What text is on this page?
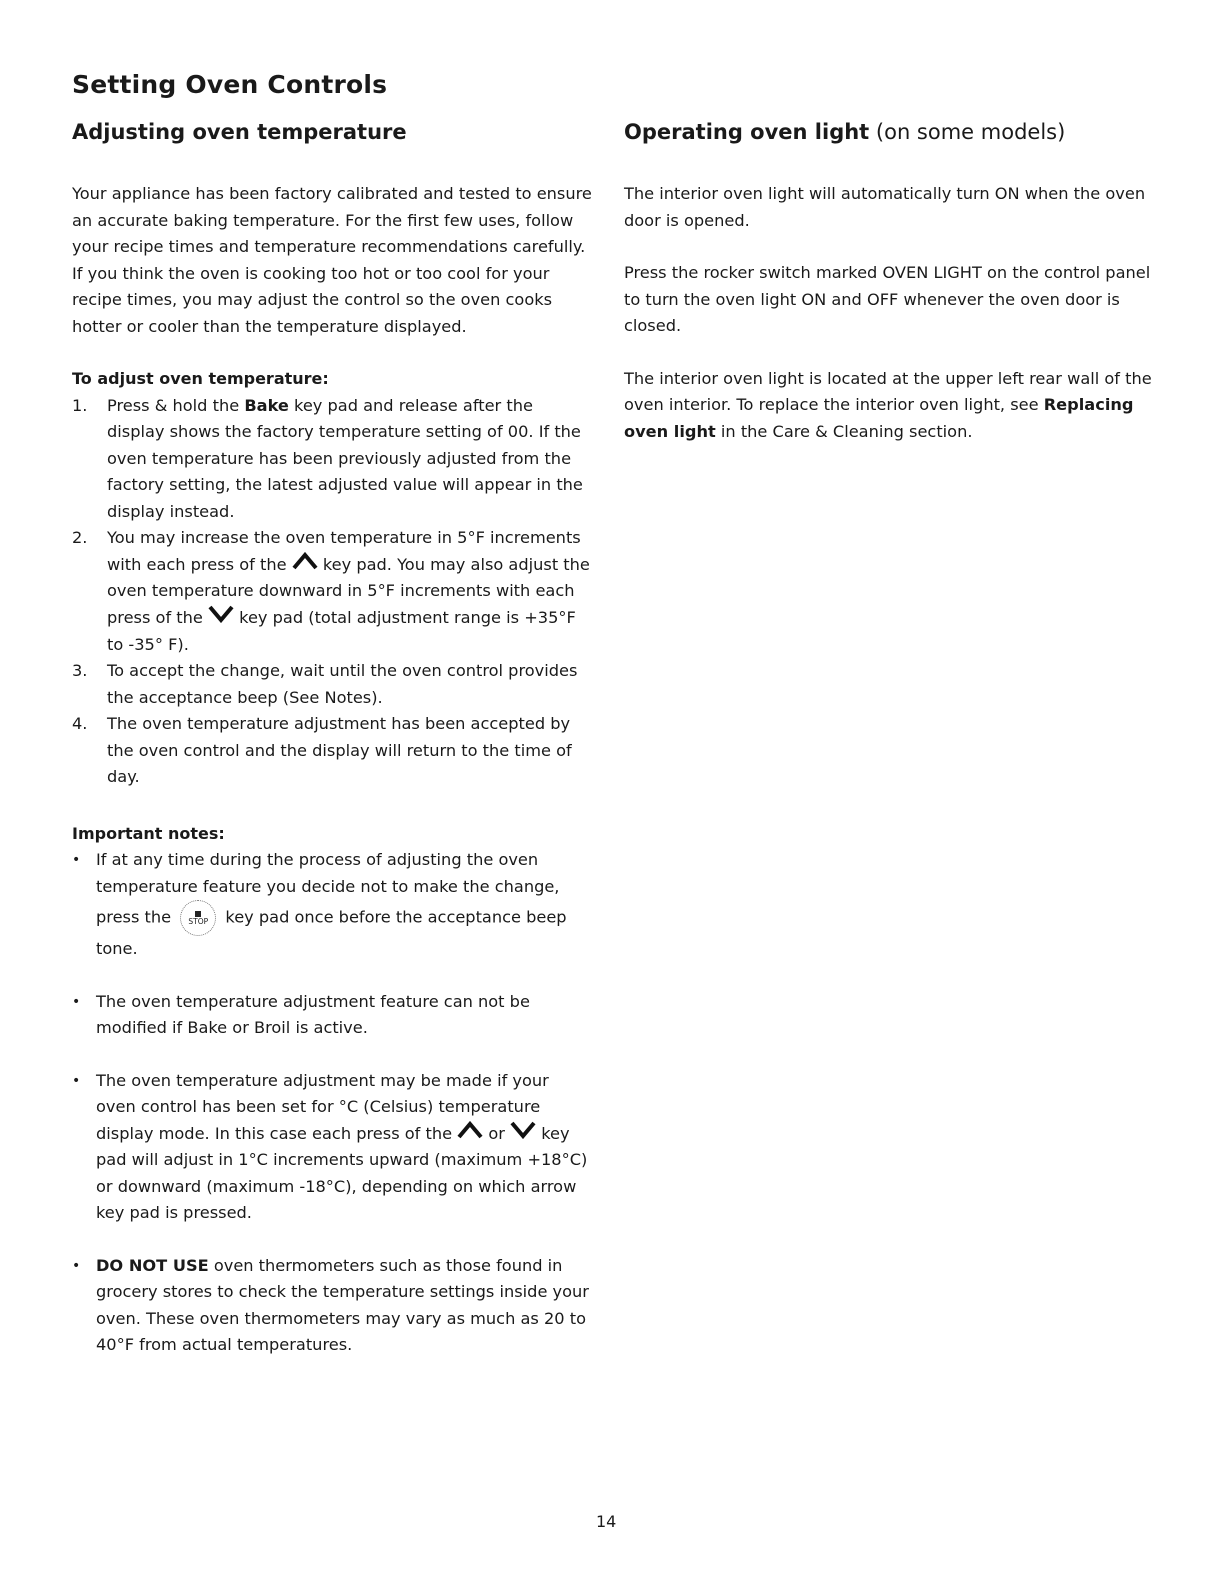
Setting Oven Controls
Adjusting oven temperature

Your appliance has been factory calibrated and tested to ensure an accurate baking temperature. For the first few uses, follow your recipe times and temperature recommendations carefully. If you think the oven is cooking too hot or too cool for your recipe times, you may adjust the control so the oven cooks hotter or cooler than the temperature displayed.

To adjust oven temperature:
1. Press & hold the Bake key pad and release after the display shows the factory temperature setting of 00. If the oven temperature has been previously adjusted from the factory setting, the latest adjusted value will appear in the display instead.
2. You may increase the oven temperature in 5°F increments with each press of the  key pad. You may also adjust the oven temperature downward in 5°F increments with each press of the  key pad (total adjustment range is +35°F to -35° F).
3. To accept the change, wait until the oven control provides the acceptance beep (See Notes).
4. The oven temperature adjustment has been accepted by the oven control and the display will return to the time of day.
Important notes:
• If at any time during the process of adjusting the oven temperature feature you decide not to make the change, press the STOP key pad once before the acceptance beep tone.
• The oven temperature adjustment feature can not be modified if Bake or Broil is active.
• The oven temperature adjustment may be made if your oven control has been set for °C (Celsius) temperature display mode. In this case each press of the  or  key pad will adjust in 1°C increments upward (maximum +18°C) or downward (maximum -18°C), depending on which arrow key pad is pressed.
• DO NOT USE oven thermometers such as those found in grocery stores to check the temperature settings inside your oven. These oven thermometers may vary as much as 20 to 40°F from actual temperatures.
Operating oven light (on some models)

The interior oven light will automatically turn ON when the oven door is opened.

Press the rocker switch marked OVEN LIGHT on the control panel to turn the oven light ON and OFF whenever the oven door is closed.

The interior oven light is located at the upper left rear wall of the oven interior. To replace the interior oven light, see Replacing oven light in the Care & Cleaning section.

14
